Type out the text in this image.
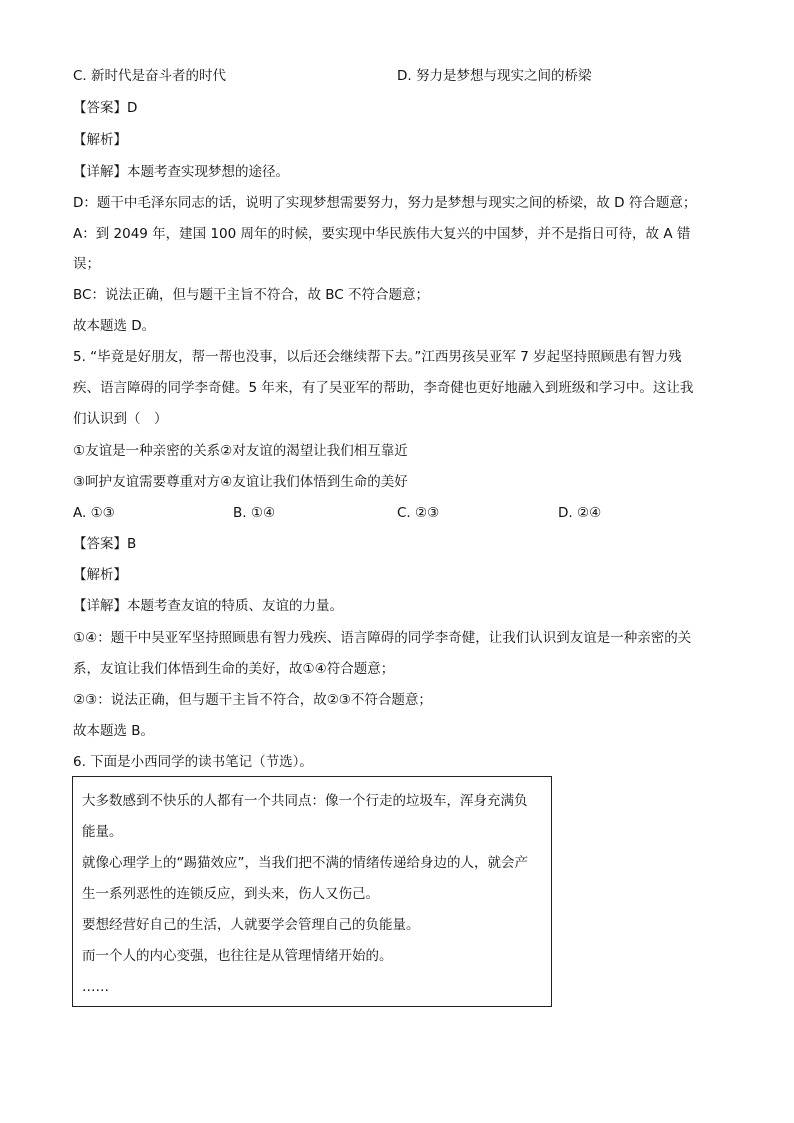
C. 新时代是奋斗者的时代	D. 努力是梦想与现实之间的桥梁
【答案】D
【解析】
【详解】本题考查实现梦想的途径。
D：题干中毛泽东同志的话，说明了实现梦想需要努力，努力是梦想与现实之间的桥梁，故 D 符合题意；
A：到 2049 年，建国 100 周年的时候，要实现中华民族伟大复兴的中国梦，并不是指日可待，故 A 错
误；
BC：说法正确，但与题干主旨不符合，故 BC 不符合题意；
故本题选 D。
5. “毕竟是好朋友，帮一帮也没事，以后还会继续帮下去。”江西男孩吴亚军 7 岁起坚持照顾患有智力残
疾、语言障碍的同学李奇健。5 年来，有了吴亚军的帮助，李奇健也更好地融入到班级和学习中。这让我
们认识到（　）
①友谊是一种亲密的关系②对友谊的渴望让我们相互靠近
③呵护友谊需要尊重对方④友谊让我们体悟到生命的美好
A. ①③	B. ①④	C. ②③	D. ②④
【答案】B
【解析】
【详解】本题考查友谊的特质、友谊的力量。
①④：题干中吴亚军坚持照顾患有智力残疾、语言障碍的同学李奇健，让我们认识到友谊是一种亲密的关
系，友谊让我们体悟到生命的美好，故①④符合题意；
②③：说法正确，但与题干主旨不符合，故②③不符合题意；
故本题选 B。
6. 下面是小西同学的读书笔记（节选）。
大多数感到不快乐的人都有一个共同点：像一个行走的垃圾车，浑身充满负
能量。
就像心理学上的“踢猫效应”，当我们把不满的情绪传递给身边的人，就会产
生一系列恶性的连锁反应，到头来，伤人又伤己。
要想经营好自己的生活，人就要学会管理自己的负能量。
而一个人的内心变强，也往往是从管理情绪开始的。
……
